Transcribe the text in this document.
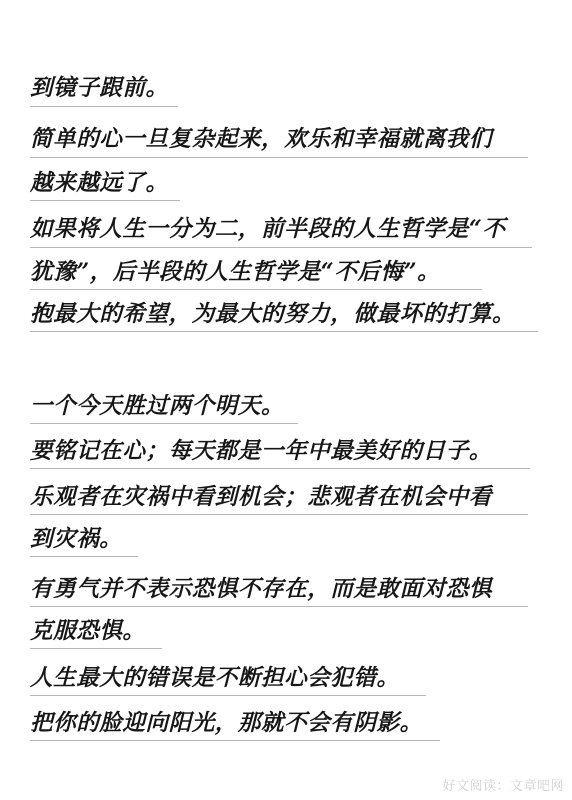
到镜子跟前。
简单的心一旦复杂起来，欢乐和幸福就离我们
越来越远了。
如果将人生一分为二，前半段的人生哲学是“不
犹豫”，后半段的人生哲学是“不后悔”。
抱最大的希望，为最大的努力，做最坏的打算。
一个今天胜过两个明天。
要铭记在心；每天都是一年中最美好的日子。
乐观者在灾祸中看到机会；悲观者在机会中看
到灾祸。
有勇气并不表示恐惧不存在，而是敢面对恐惧
克服恐惧。
人生最大的错误是不断担心会犯错。
把你的脸迎向阳光，那就不会有阴影。
好文阅读：文章吧网
